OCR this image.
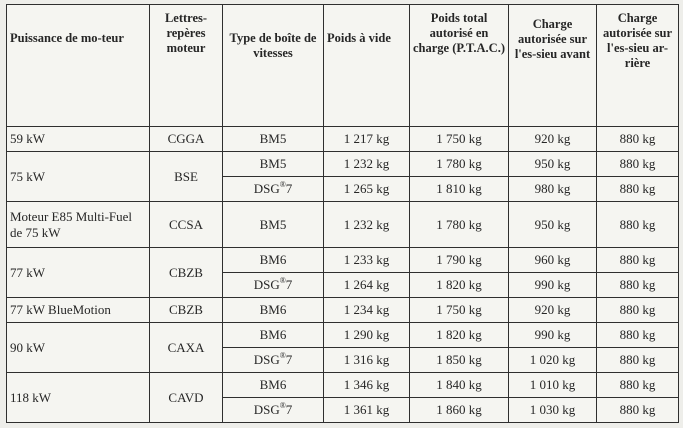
Puissance de mo-teur	Lettres-repères moteur	Type de boîte de vitesses	Poids à vide	Poids total autorisé en charge (P.T.A.C.)	Charge autorisée sur l'es-sieu avant	Charge autorisée sur l'es-sieu ar-rière
59 kW	CGGA	BM5	1 217 kg	1 750 kg	920 kg	880 kg
75 kW	BSE	BM5	1 232 kg	1 780 kg	950 kg	880 kg
		DSG®7	1 265 kg	1 810 kg	980 kg	880 kg
Moteur E85 Multi-Fuel de 75 kW	CCSA	BM5	1 232 kg	1 780 kg	950 kg	880 kg
77 kW	CBZB	BM6	1 233 kg	1 790 kg	960 kg	880 kg
		DSG®7	1 264 kg	1 820 kg	990 kg	880 kg
77 kW BlueMotion	CBZB	BM6	1 234 kg	1 750 kg	920 kg	880 kg
90 kW	CAXA	BM6	1 290 kg	1 820 kg	990 kg	880 kg
		DSG®7	1 316 kg	1 850 kg	1 020 kg	880 kg
118 kW	CAVD	BM6	1 346 kg	1 840 kg	1 010 kg	880 kg
		DSG®7	1 361 kg	1 860 kg	1 030 kg	880 kg
